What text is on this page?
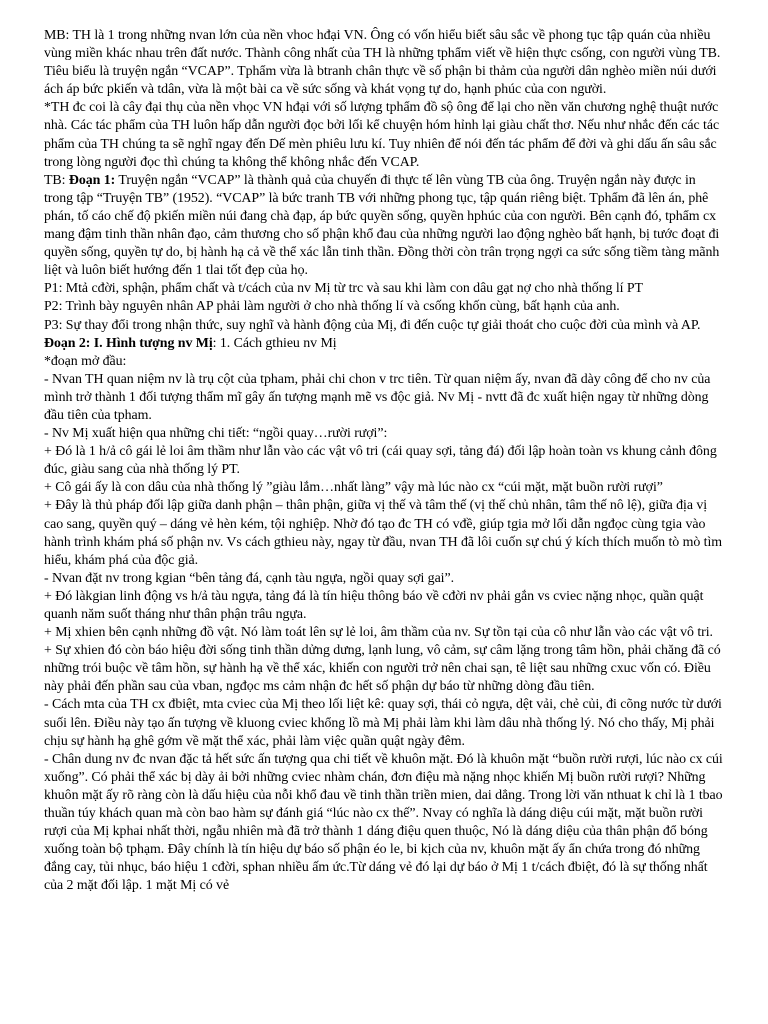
MB: TH là 1 trong những nvan lớn của nền vhoc hđại VN. Ông có vốn hiểu biết sâu sắc về phong tục tập quán của nhiều vùng miền khác nhau trên đất nước. Thành công nhất của TH là những tphẩm viết về hiện thực csống, con người vùng TB. Tiêu biểu là truyện ngắn “VCAP”. Tphẩm vừa là btranh chân thực về số phận bi thảm của người dân nghèo miền núi dưới ách áp bức pkiến và tdân, vừa là một bài ca về sức sống và khát vọng tự do, hạnh phúc của con người.
*TH đc coi là cây đại thụ của nền vhọc VN hđại với số lượng tphẩm đồ sộ ông để lại cho nền văn chương nghệ thuật nước nhà. Các tác phẩm của TH luôn hấp dẫn người đọc bởi lối kể chuyện hóm hỉnh lại giàu chất thơ. Nếu như nhắc đến các tác phẩm của TH chúng ta sẽ nghĩ ngay đến Dế mèn phiêu lưu kí. Tuy nhiên để nói đến tác phẩm để đời và ghi dấu ấn sâu sắc trong lòng người đọc thì chúng ta không thể không nhắc đến VCAP.
TB: Đoạn 1: Truyện ngắn “VCAP” là thành quả của chuyến đi thực tế lên vùng TB của ông. Truyện ngắn này được in trong tập “Truyện TB” (1952). “VCAP” là bức tranh TB với những phong tục, tập quán riêng biệt. Tphẩm đã lên án, phê phán, tố cáo chế độ pkiến miền núi đang chà đạp, áp bức quyền sống, quyền hphúc của con người. Bên cạnh đó, tphẩm cx mang đậm tinh thần nhân đạo, cảm thương cho số phận khổ đau của những người lao động nghèo bất hạnh, bị tước đoạt đi quyền sống, quyền tự do, bị hành hạ cả về thể xác lẫn tinh thần. Đồng thời còn trân trọng ngợi ca sức sống tiềm tàng mãnh liệt và luôn biết hướng đến 1 tlai tốt đẹp của họ.
P1: Mtả cđời, sphận, phẩm chất và t/cách của nv Mị từ trc và sau khi làm con dâu gạt nợ cho nhà thống lí PT
P2: Trình bày nguyên nhân AP phải làm người ở cho nhà thống lí và csống khốn cùng, bất hạnh của anh.
P3: Sự thay đổi trong nhận thức, suy nghĩ và hành động của Mị, đi đến cuộc tự giải thoát cho cuộc đời của mình và AP.
Đoạn 2: I. Hình tượng nv Mị: 1. Cách gthieu nv Mị
*đoạn mở đầu:
- Nvan TH quan niệm nv là trụ cột của tpham, phải chi chon v trc tiên. Từ quan niệm ấy, nvan đã dày công để cho nv của mình trở thành 1 đối tượng thẩm mĩ gây ấn tượng mạnh mẽ vs độc giả. Nv Mị - nvtt đã đc xuất hiện ngay từ những dòng đầu tiên của tpham.
- Nv Mị xuất hiện qua những chi tiết: “ngồi quay…rười rượi”:
+ Đó là 1 h/ả cô gái lẻ loi âm thầm như lẫn vào các vật vô tri (cái quay sợi, tảng đá) đối lập hoàn toàn vs khung cảnh đông đúc, giàu sang của nhà thống lý PT.
+ Cô gái ấy là con dâu của nhà thống lý ”giàu lắm…nhất làng” vậy mà lúc nào cx “cúi mặt, mặt buồn rười rượi”
+ Đây là thủ pháp đối lập giữa danh phận – thân phận, giữa vị thế và tâm thế (vị thế chủ nhân, tâm thế nô lệ), giữa địa vị cao sang, quyền quý – dáng vẻ hèn kém, tội nghiệp. Nhờ đó tạo đc TH có vđề, giúp tgia mở lối dẫn ngđọc cùng tgia vào hành trình khám phá số phận nv. Vs cách gthieu này, ngay từ đầu, nvan TH đã lôi cuốn sự chú ý kích thích muốn tò mò tìm hiểu, khám phá của độc giả.
- Nvan đặt nv trong kgian “bên tảng đá, cạnh tàu ngựa, ngồi quay sợi gai”.
+ Đó làkgian linh động vs h/ả tàu ngựa, tảng đá là tín hiệu thông báo về cđời nv phải gắn vs cviec nặng nhọc, quần quật quanh năm suốt tháng như thân phận trâu ngựa.
+ Mị xhien bên cạnh những đồ vật. Nó làm toát lên sự lẻ loi, âm thầm của nv. Sự tồn tại của cô như lẫn vào các vật vô tri.
+ Sự xhien đó còn báo hiệu đời sống tinh thần dửng dưng, lạnh lung, vô cảm, sự câm lặng trong tâm hồn, phải chăng đã có những trói buộc về tâm hồn, sự hành hạ về thể xác, khiến con người trở nên chai sạn, tê liệt sau những cxuc vốn có. Điều này phải đến phần sau của vban, ngđọc ms cảm nhận đc hết số phận dự báo từ những dòng đầu tiên.
- Cách mta của TH cx đbiệt, mta cviec của Mị theo lối liệt kê: quay sợi, thái cỏ ngựa, dệt vải, chẻ củi, đi cõng nước từ dưới suối lên. Điều này tạo ấn tượng về kluong cviec khổng lồ mà Mị phải làm khi làm dâu nhà thống lý. Nó cho thấy, Mị phải chịu sự hành hạ ghê gớm về mặt thể xác, phải làm việc quần quật ngày đêm.
- Chân dung nv đc nvan đặc tả hết sức ấn tượng qua chi tiết về khuôn mặt. Đó là khuôn mặt “buồn rười rượi, lúc nào cx cúi xuống”. Có phải thể xác bị dày ải bởi những cviec nhàm chán, đơn điệu mà nặng nhọc khiến Mị buồn rười rượi? Những khuôn mặt ấy rõ ràng còn là dấu hiệu của nỗi khổ đau về tinh thần triền mien, dai dẳng. Trong lời văn nthuat k chỉ là 1 tbao thuần túy khách quan mà còn bao hàm sự đánh giá “lúc nào cx thế”. Nvay có nghĩa là dáng diệu cúi mặt, mặt buồn rười rượi của Mị kphai nhất thời, ngẫu nhiên mà đã trở thành 1 dáng điệu quen thuộc, Nó là dáng diệu của thân phận đổ bóng xuống toàn bộ tphạm. Đây chính là tín hiệu dự báo số phận éo le, bi kịch của nv, khuôn mặt ấy ẩn chứa trong đó những đắng cay, tủi nhục, báo hiệu 1 cđời, sphan nhiều ấm ức.Từ dáng vẻ đó lại dự báo ở Mị 1 t/cách đbiệt, đó là sự thống nhất của 2 mặt đối lập. 1 mặt Mị có vẻ
